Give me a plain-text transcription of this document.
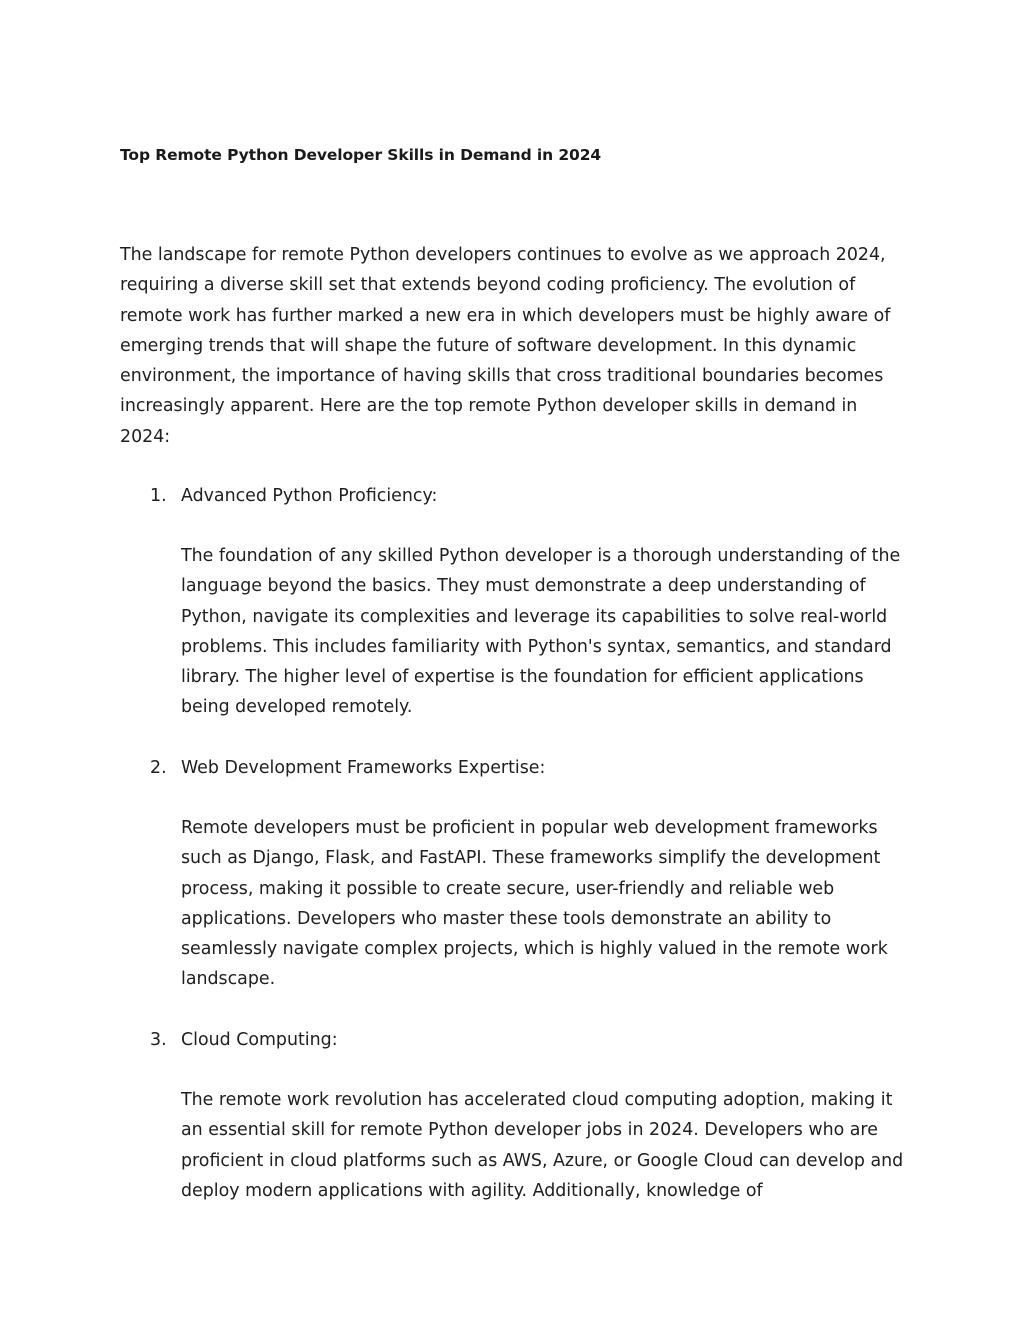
Top Remote Python Developer Skills in Demand in 2024

The landscape for remote Python developers continues to evolve as we approach 2024, requiring a diverse skill set that extends beyond coding proficiency. The evolution of remote work has further marked a new era in which developers must be highly aware of emerging trends that will shape the future of software development. In this dynamic environment, the importance of having skills that cross traditional boundaries becomes increasingly apparent. Here are the top remote Python developer skills in demand in 2024:

1. Advanced Python Proficiency:

The foundation of any skilled Python developer is a thorough understanding of the language beyond the basics. They must demonstrate a deep understanding of Python, navigate its complexities and leverage its capabilities to solve real-world problems. This includes familiarity with Python's syntax, semantics, and standard library. The higher level of expertise is the foundation for efficient applications being developed remotely.

2. Web Development Frameworks Expertise:

Remote developers must be proficient in popular web development frameworks such as Django, Flask, and FastAPI. These frameworks simplify the development process, making it possible to create secure, user-friendly and reliable web applications. Developers who master these tools demonstrate an ability to seamlessly navigate complex projects, which is highly valued in the remote work landscape.

3. Cloud Computing:

The remote work revolution has accelerated cloud computing adoption, making it an essential skill for remote Python developer jobs in 2024. Developers who are proficient in cloud platforms such as AWS, Azure, or Google Cloud can develop and deploy modern applications with agility. Additionally, knowledge of
